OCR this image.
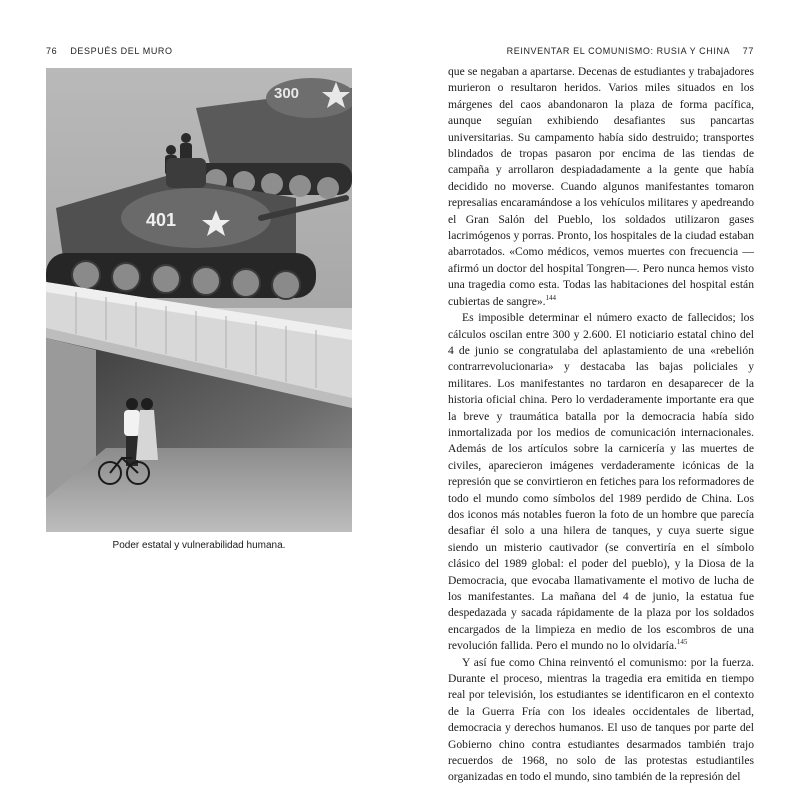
76 DESPUÉS DEL MURO
300
401
Poder estatal y vulnerabilidad humana.
REINVENTAR EL COMUNISMO: RUSIA Y CHINA 77

que se negaban a apartarse. Decenas de estudiantes y trabajadores murieron o resultaron heridos. Varios miles situados en los márgenes del caos abandonaron la plaza de forma pacífica, aunque seguían exhibiendo desafiantes sus pancartas universitarias. Su campamento había sido destruido; transportes blindados de tropas pasaron por encima de las tiendas de campaña y arrollaron despiadadamente a la gente que había decidido no moverse. Cuando algunos manifestantes tomaron represalias encaramándose a los vehículos militares y apedreando el Gran Salón del Pueblo, los soldados utilizaron gases lacrimógenos y porras. Pronto, los hospitales de la ciudad estaban abarrotados. «Como médicos, vemos muertes con frecuencia —afirmó un doctor del hospital Tongren—. Pero nunca hemos visto una tragedia como esta. Todas las habitaciones del hospital están cubiertas de sangre».$^{144}$

Es imposible determinar el número exacto de fallecidos; los cálculos oscilan entre 300 y 2.600. El noticiario estatal chino del 4 de junio se congratulaba del aplastamiento de una «rebelión contrarrevolucionaria» y destacaba las bajas policiales y militares. Los manifestantes no tardaron en desaparecer de la historia oficial china. Pero lo verdaderamente importante era que la breve y traumática batalla por la democracia había sido inmortalizada por los medios de comunicación internacionales. Además de los artículos sobre la carnicería y las muertes de civiles, aparecieron imágenes verdaderamente icónicas de la represión que se convirtieron en fetiches para los reformadores de todo el mundo como símbolos del 1989 perdido de China. Los dos iconos más notables fueron la foto de un hombre que parecía desafiar él solo a una hilera de tanques, y cuya suerte sigue siendo un misterio cautivador (se convertiría en el símbolo clásico del 1989 global: el poder del pueblo), y la Diosa de la Democracia, que evocaba llamativamente el motivo de lucha de los manifestantes. La mañana del 4 de junio, la estatua fue despedazada y sacada rápidamente de la plaza por los soldados encargados de la limpieza en medio de los escombros de una revolución fallida. Pero el mundo no lo olvidaría.$^{145}$

Y así fue como China reinventó el comunismo: por la fuerza. Durante el proceso, mientras la tragedia era emitida en tiempo real por televisión, los estudiantes se identificaron en el contexto de la Guerra Fría con los ideales occidentales de libertad, democracia y derechos humanos. El uso de tanques por parte del Gobierno chino contra estudiantes desarmados también trajo recuerdos de 1968, no solo de las protestas estudiantiles organizadas en todo el mundo, sino también de la represión del
